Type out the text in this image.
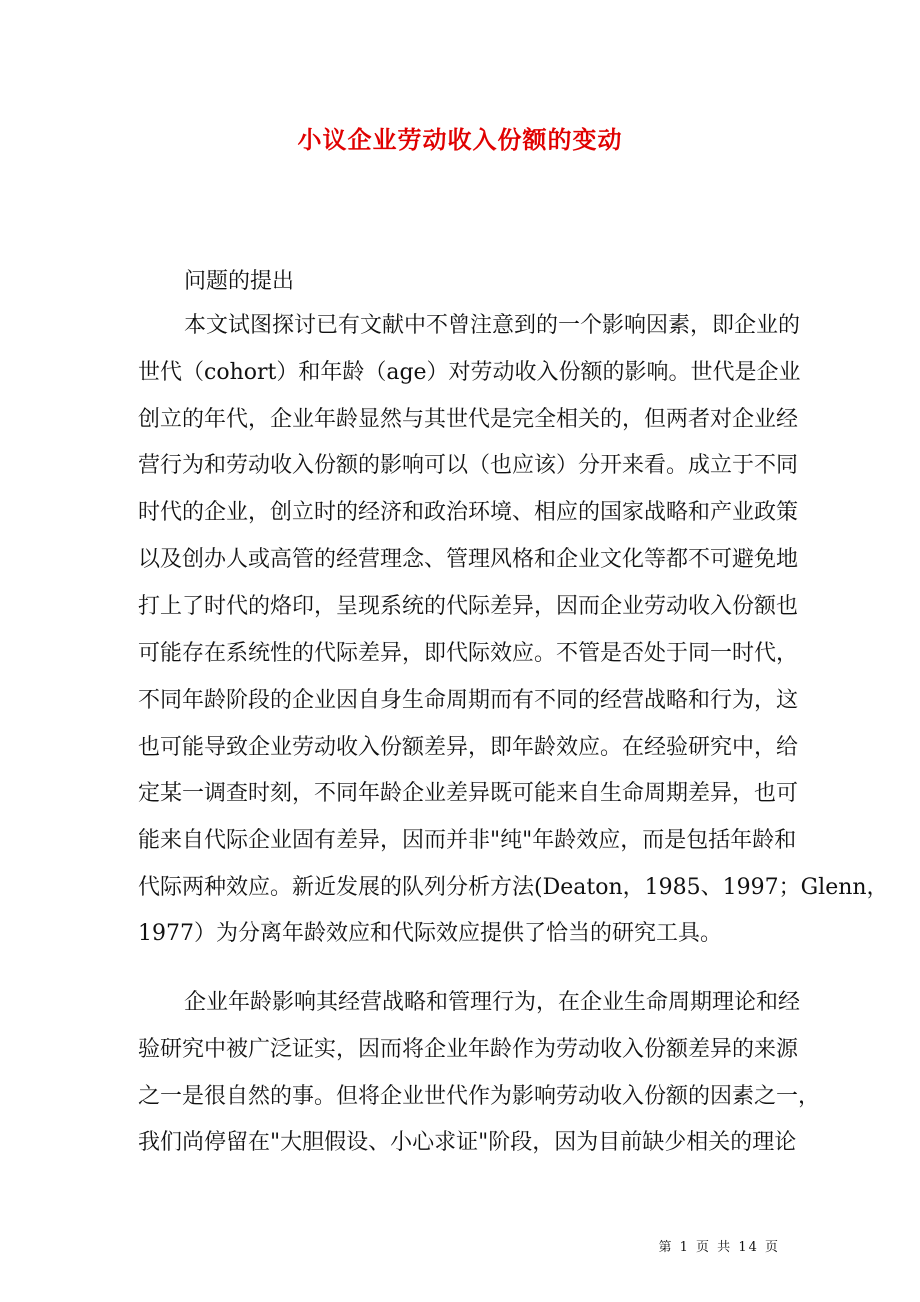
小议企业劳动收入份额的变动
问题的提出
本文试图探讨已有文献中不曾注意到的一个影响因素，即企业的
世代（cohort）和年龄（age）对劳动收入份额的影响。世代是企业
创立的年代，企业年龄显然与其世代是完全相关的，但两者对企业经
营行为和劳动收入份额的影响可以（也应该）分开来看。成立于不同
时代的企业，创立时的经济和政治环境、相应的国家战略和产业政策
以及创办人或高管的经营理念、管理风格和企业文化等都不可避免地
打上了时代的烙印，呈现系统的代际差异，因而企业劳动收入份额也
可能存在系统性的代际差异，即代际效应。不管是否处于同一时代，
不同年龄阶段的企业因自身生命周期而有不同的经营战略和行为，这
也可能导致企业劳动收入份额差异，即年龄效应。在经验研究中，给
定某一调查时刻，不同年龄企业差异既可能来自生命周期差异，也可
能来自代际企业固有差异，因而并非"纯"年龄效应，而是包括年龄和
代际两种效应。新近发展的队列分析方法(Deaton，1985、1997；Glenn，
1977）为分离年龄效应和代际效应提供了恰当的研究工具。
企业年龄影响其经营战略和管理行为，在企业生命周期理论和经
验研究中被广泛证实，因而将企业年龄作为劳动收入份额差异的来源
之一是很自然的事。但将企业世代作为影响劳动收入份额的因素之一，
我们尚停留在"大胆假设、小心求证"阶段，因为目前缺少相关的理论
第 1 页 共 14 页
